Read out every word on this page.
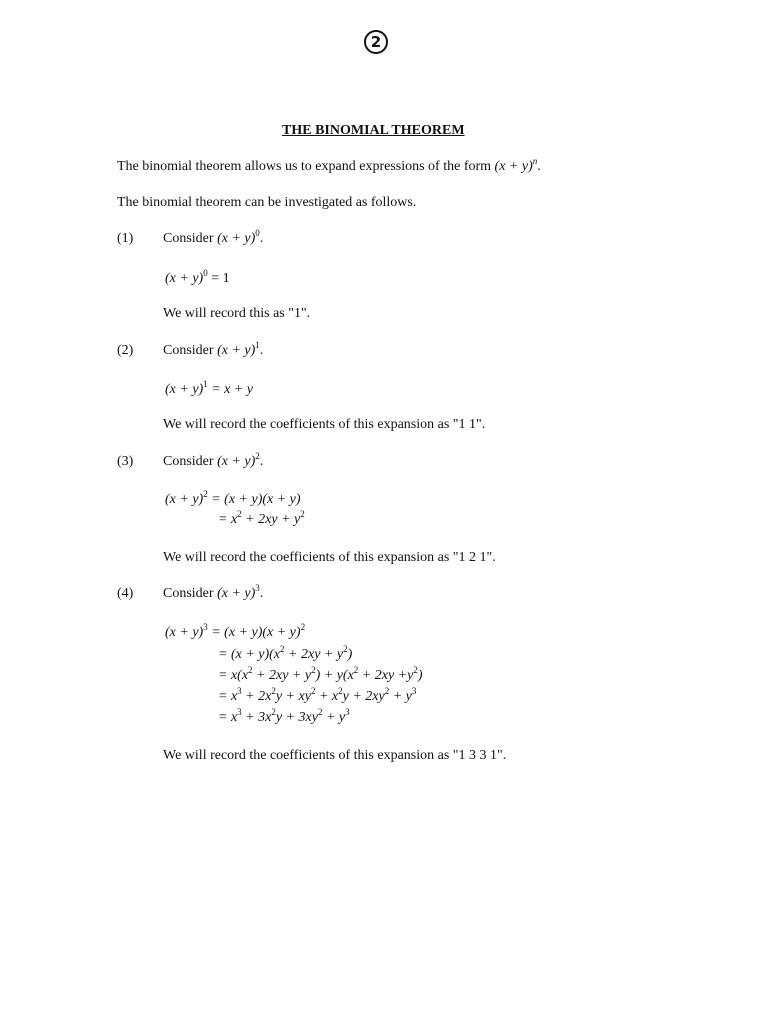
2
THE BINOMIAL THEOREM
The binomial theorem allows us to expand expressions of the form $(x + y)^n$.
The binomial theorem can be investigated as follows.
(1) Consider $(x + y)^0$.
$(x + y)^0 = 1$
We will record this as "1".
(2) Consider $(x + y)^1$.
$(x + y)^1 = x + y$
We will record the coefficients of this expansion as "1 1".
(3) Consider $(x + y)^2$.
$(x + y)^2 = (x + y)(x + y)$
= $x^2 + 2xy + y^2$
We will record the coefficients of this expansion as "1 2 1".
(4) Consider $(x + y)^3$.
$(x + y)^3 = (x + y)(x + y)^2$
= $(x + y)(x^2 + 2xy + y^2)$
= $x(x^2 + 2xy + y^2) + y(x^2 + 2xy +y^2)$
= $x^3 + 2x^2y + xy^2 + x^2y + 2xy^2 + y^3$
= $x^3 + 3x^2y + 3xy^2 + y^3$
We will record the coefficients of this expansion as "1 3 3 1".
